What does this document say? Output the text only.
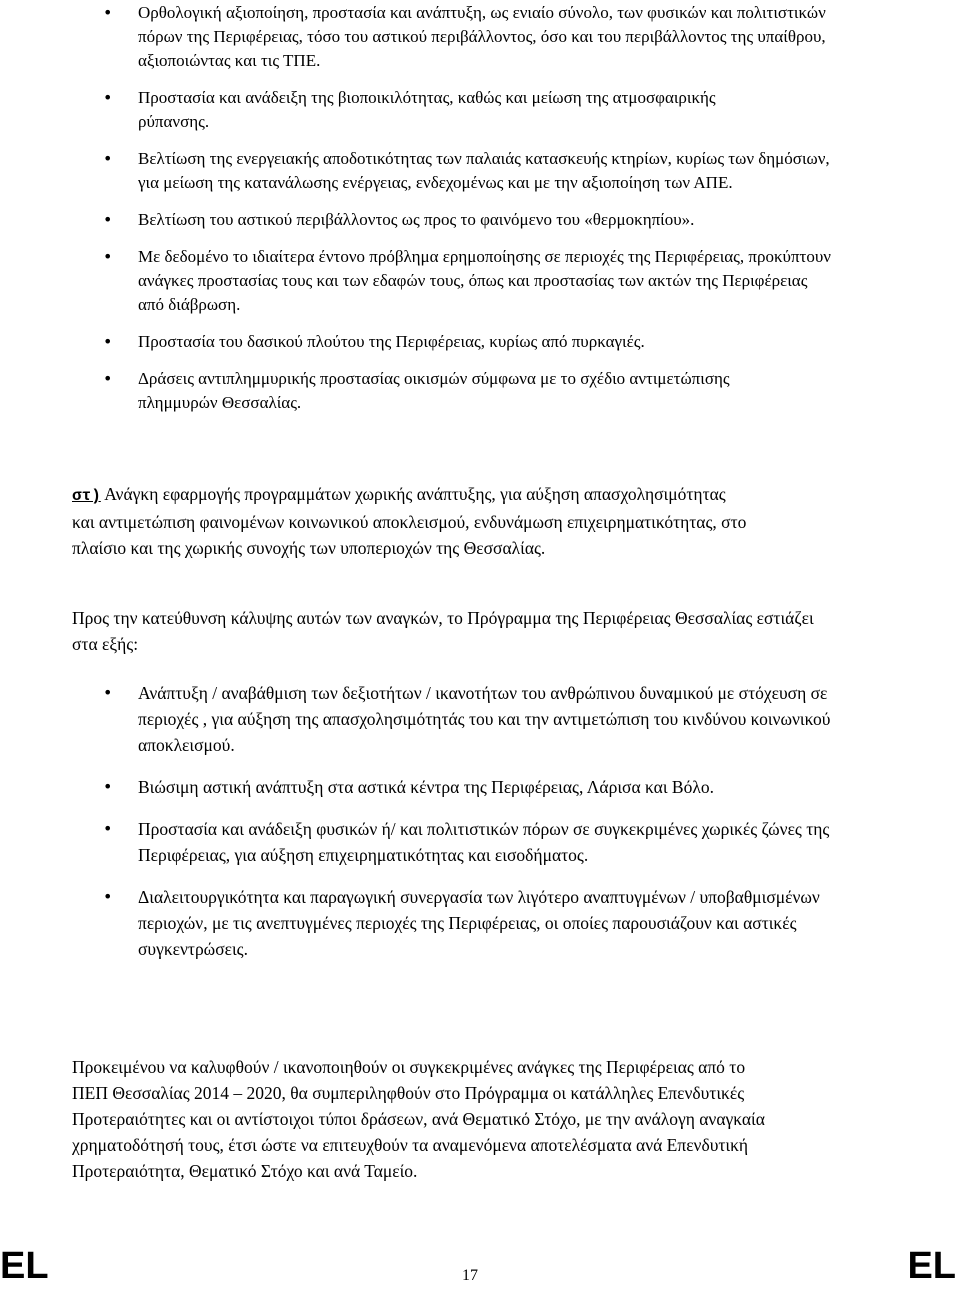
• Ορθολογική αξιοποίηση, προστασία και ανάπτυξη, ως ενιαίο σύνολο, των φυσικών και πολιτιστικών πόρων της Περιφέρειας, τόσο του αστικού περιβάλλοντος, όσο και του περιβάλλοντος της υπαίθρου, αξιοποιώντας και τις ΤΠΕ.
• Προστασία και ανάδειξη της βιοποικιλότητας, καθώς και μείωση της ατμοσφαιρικής ρύπανσης.
• Βελτίωση της ενεργειακής αποδοτικότητας των παλαιάς κατασκευής κτηρίων, κυρίως των δημόσιων, για μείωση της κατανάλωσης ενέργειας, ενδεχομένως και με την αξιοποίηση των ΑΠΕ.
• Βελτίωση του αστικού περιβάλλοντος ως προς το φαινόμενο του «θερμοκηπίου».
• Με δεδομένο το ιδιαίτερα έντονο πρόβλημα ερημοποίησης σε περιοχές της Περιφέρειας, προκύπτουν ανάγκες προστασίας τους και των εδαφών τους, όπως και προστασίας των ακτών της Περιφέρειας από διάβρωση.
• Προστασία του δασικού πλούτου της Περιφέρειας, κυρίως από πυρκαγιές.
• Δράσεις αντιπλημμυρικής προστασίας οικισμών σύμφωνα με το σχέδιο αντιμετώπισης πλημμυρών Θεσσαλίας.

στ) Ανάγκη εφαρμογής προγραμμάτων χωρικής ανάπτυξης, για αύξηση απασχολησιμότητας και αντιμετώπιση φαινομένων κοινωνικού αποκλεισμού, ενδυνάμωση επιχειρηματικότητας, στο πλαίσιο και της χωρικής συνοχής των υποπεριοχών της Θεσσαλίας.

Προς την κατεύθυνση κάλυψης αυτών των αναγκών, το Πρόγραμμα της Περιφέρειας Θεσσαλίας εστιάζει στα εξής:

• Ανάπτυξη / αναβάθμιση των δεξιοτήτων / ικανοτήτων του ανθρώπινου δυναμικού με στόχευση σε περιοχές , για αύξηση της απασχολησιμότητάς του και την αντιμετώπιση του κινδύνου κοινωνικού αποκλεισμού.
• Βιώσιμη αστική ανάπτυξη στα αστικά κέντρα της Περιφέρειας, Λάρισα και Βόλο.
• Προστασία και ανάδειξη φυσικών ή/ και πολιτιστικών πόρων σε συγκεκριμένες χωρικές ζώνες της Περιφέρειας, για αύξηση επιχειρηματικότητας και εισοδήματος.
• Διαλειτουργικότητα και παραγωγική συνεργασία των λιγότερο αναπτυγμένων / υποβαθμισμένων περιοχών, με τις ανεπτυγμένες περιοχές της Περιφέρειας, οι οποίες παρουσιάζουν και αστικές συγκεντρώσεις.

Προκειμένου να καλυφθούν / ικανοποιηθούν οι συγκεκριμένες ανάγκες της Περιφέρειας από το ΠΕΠ Θεσσαλίας 2014 – 2020, θα συμπεριληφθούν στο Πρόγραμμα οι κατάλληλες Επενδυτικές Προτεραιότητες και οι αντίστοιχοι τύποι δράσεων, ανά Θεματικό Στόχο, με την ανάλογη αναγκαία χρηματοδότησή τους, έτσι ώστε να επιτευχθούν τα αναμενόμενα αποτελέσματα ανά Επενδυτική Προτεραιότητα, Θεματικό Στόχο και ανά Ταμείο.

EL	17	EL
